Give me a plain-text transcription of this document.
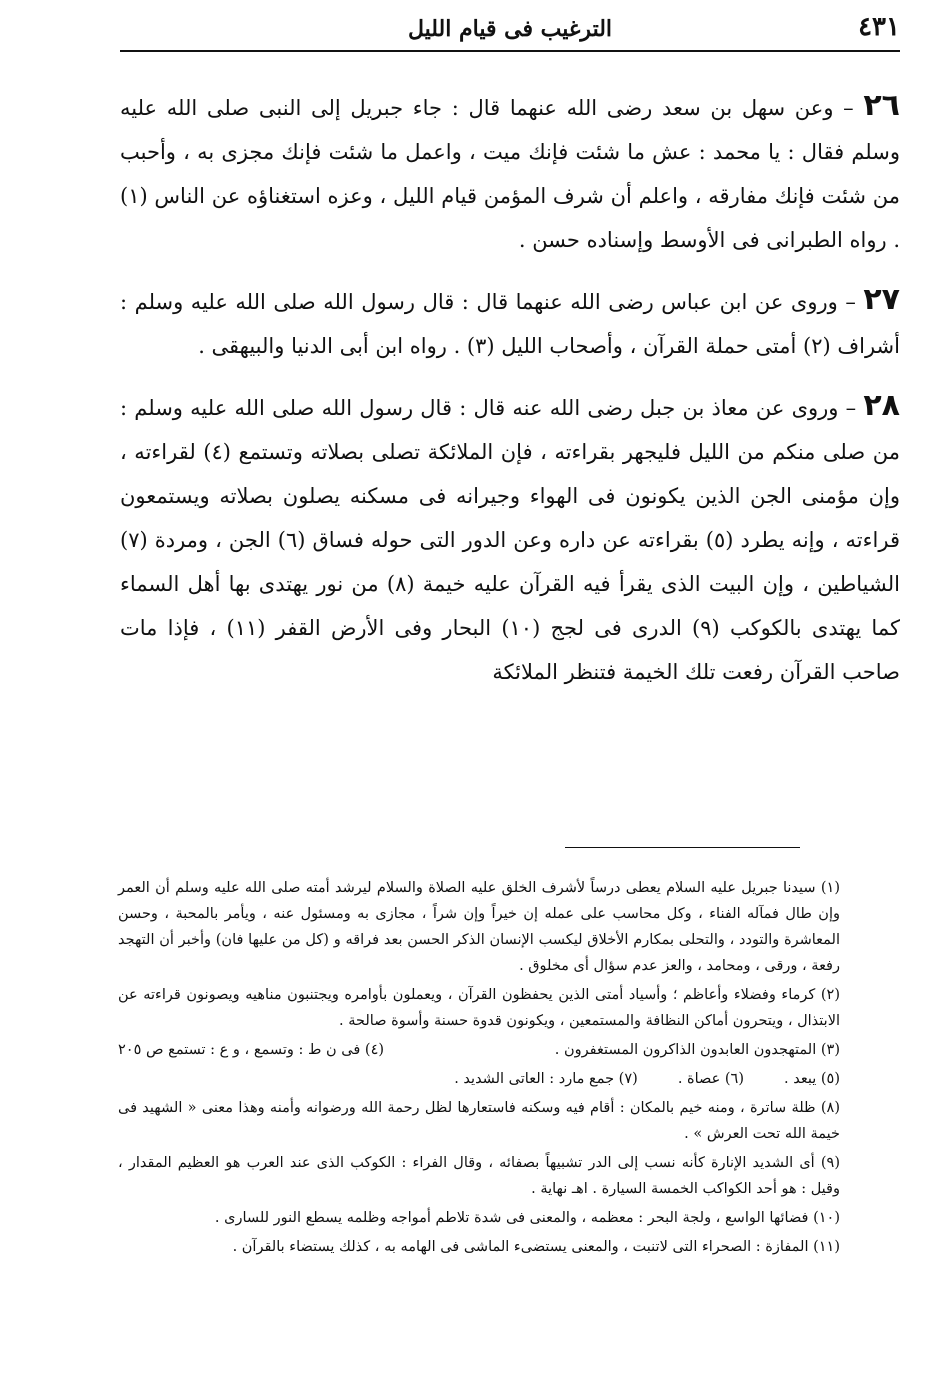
٤٣١
الترغيب فى قيام الليل

٢٦ – وعن سهل بن سعد رضى الله عنهما قال : جاء جبريل إلى النبى صلى الله عليه وسلم فقال : يا محمد : عش ما شئت فإنك ميت ، واعمل ما شئت فإنك مجزى به ، وأحبب من شئت فإنك مفارقه ، واعلم أن شرف المؤمن قيام الليل ، وعزه استغناؤه عن الناس (١) . رواه الطبرانى فى الأوسط وإسناده حسن .

٢٧ – وروى عن ابن عباس رضى الله عنهما قال : قال رسول الله صلى الله عليه وسلم : أشراف (٢) أمتى حملة القرآن ، وأصحاب الليل (٣) . رواه ابن أبى الدنيا والبيهقى .

٢٨ – وروى عن معاذ بن جبل رضى الله عنه قال : قال رسول الله صلى الله عليه وسلم : من صلى منكم من الليل فليجهر بقراءته ، فإن الملائكة تصلى بصلاته وتستمع (٤) لقراءته ، وإن مؤمنى الجن الذين يكونون فى الهواء وجيرانه فى مسكنه يصلون بصلاته ويستمعون قراءته ، وإنه يطرد (٥) بقراءته عن داره وعن الدور التى حوله فساق (٦) الجن ، ومردة (٧) الشياطين ، وإن البيت الذى يقرأ فيه القرآن عليه خيمة (٨) من نور يهتدى بها أهل السماء كما يهتدى بالكوكب (٩) الدرى فى لجج (١٠) البحار وفى الأرض القفر (١١) ، فإذا مات صاحب القرآن رفعت تلك الخيمة فتنظر الملائكة

(١) سيدنا جبريل عليه السلام يعطى درساً لأشرف الخلق عليه الصلاة والسلام ليرشد أمته صلى الله عليه وسلم أن العمر وإن طال فمآله الفناء ، وكل محاسب على عمله إن خيراً وإن شراً ، مجازى به ومسئول عنه ، ويأمر بالمحبة ، وحسن المعاشرة والتودد ، والتحلى بمكارم الأخلاق ليكسب الإنسان الذكر الحسن بعد فراقه و (كل من عليها فان) وأخبر أن التهجد رفعة ، ورقى ، ومحامد ، والعز عدم سؤال أى مخلوق .

(٢) كرماء وفضلاء وأعاظم ؛ وأسياد أمتى الذين يحفظون القرآن ، ويعملون بأوامره ويجتنبون مناهيه ويصونون قراءته عن الابتذال ، ويتحرون أماكن النظافة والمستمعين ، ويكونون قدوة حسنة وأسوة صالحة .

(٣) المتهجدون العابدون الذاكرون المستغفرون .
(٤) فى ن ط : وتسمع ، و ع : تستمع ص ٢٠٥
(٥) يبعد .
(٦) عصاة .
(٧) جمع مارد : العاتى الشديد .

(٨) ظلة ساترة ، ومنه خيم بالمكان : أقام فيه وسكنه فاستعارها لظل رحمة الله ورضوانه وأمنه وهذا معنى « الشهيد فى خيمة الله تحت العرش » .

(٩) أى الشديد الإنارة كأنه نسب إلى الدر تشبيهاً بصفائه ، وقال الفراء : الكوكب الذى عند العرب هو العظيم المقدار ، وقيل : هو أحد الكواكب الخمسة السيارة . اهـ نهاية .

(١٠) فضائها الواسع ، ولجة البحر : معظمه ، والمعنى فى شدة تلاطم أمواجه وظلمه يسطع النور للسارى .

(١١) المفازة : الصحراء التى لاتنبت ، والمعنى يستضىء الماشى فى الهامه به ، كذلك يستضاء بالقرآن .
